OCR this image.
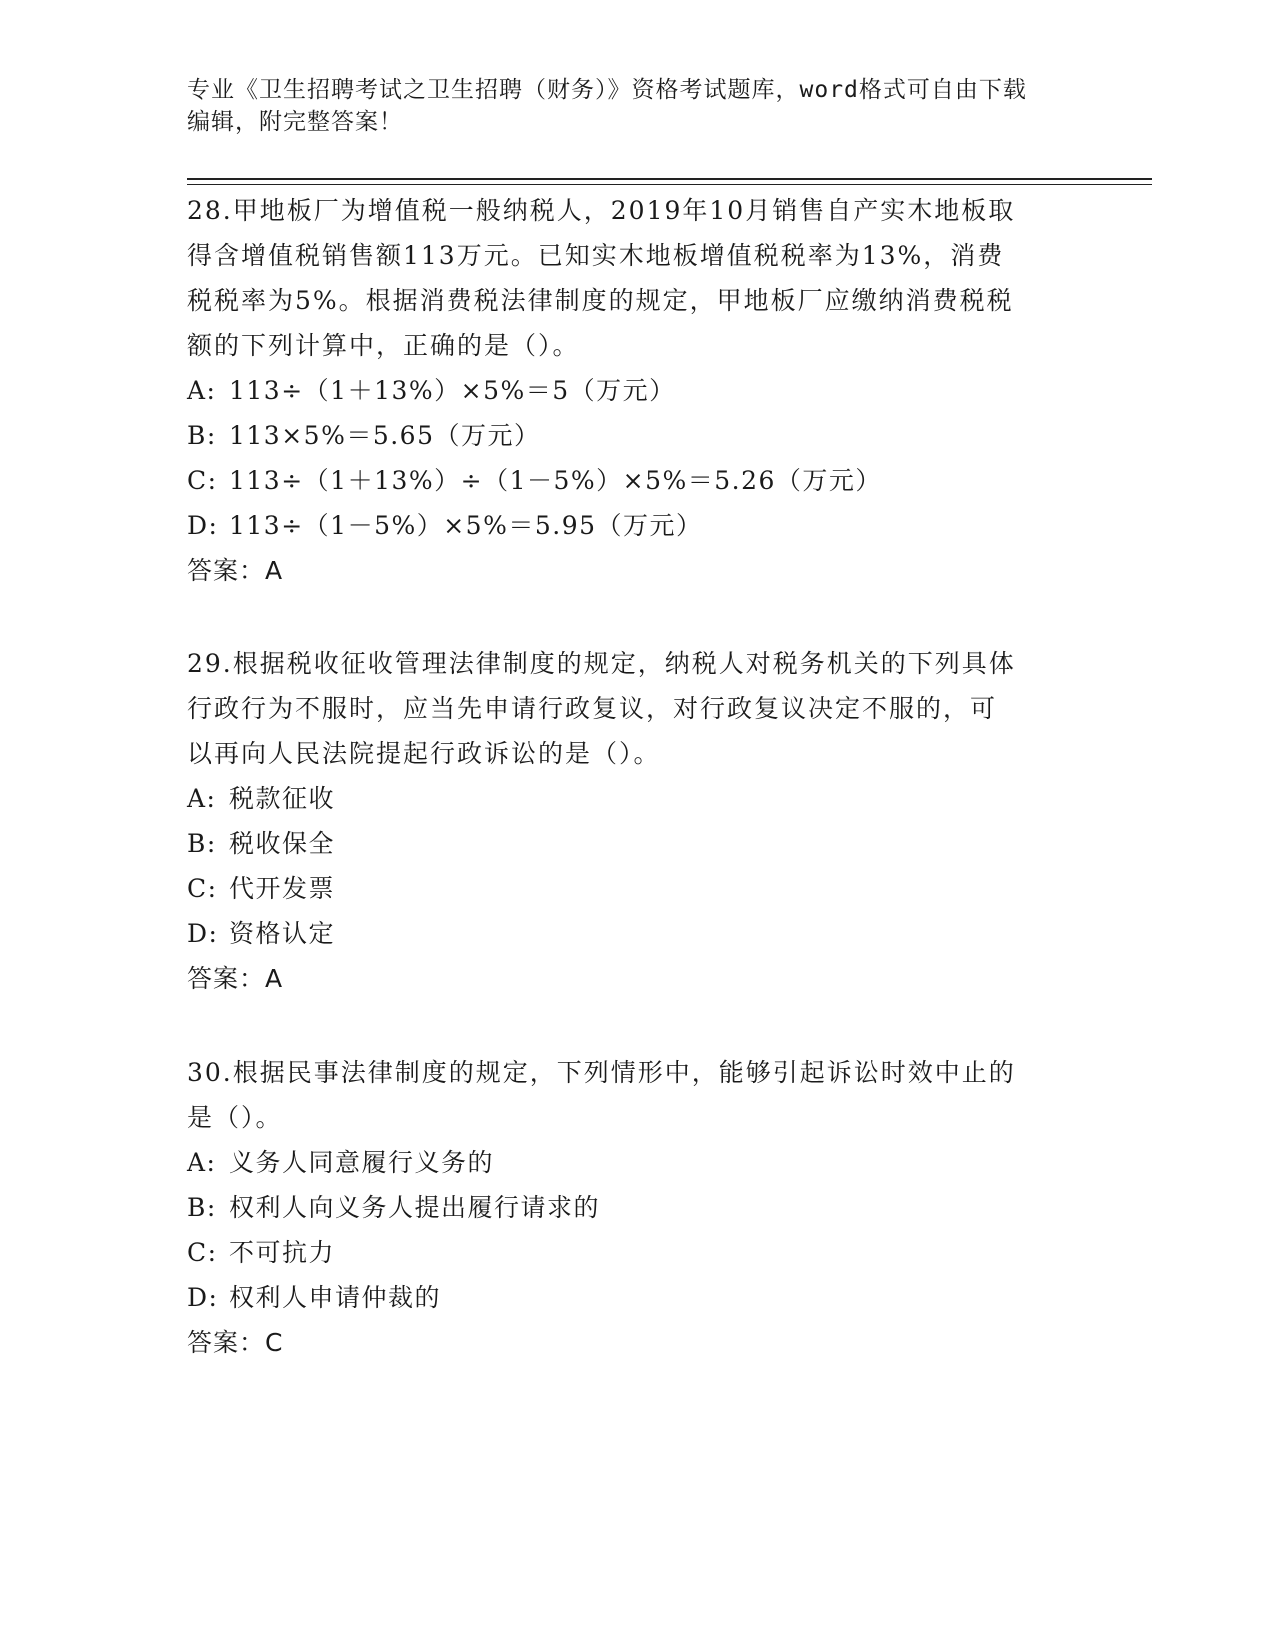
专业《卫生招聘考试之卫生招聘（财务）》资格考试题库，word格式可自由下载
编辑，附完整答案！
28.甲地板厂为增值税一般纳税人，2019年10月销售自产实木地板取
得含增值税销售额113万元。已知实木地板增值税税率为13%，消费
税税率为5%。根据消费税法律制度的规定，甲地板厂应缴纳消费税税
额的下列计算中，正确的是（）。
A: 113÷（1＋13%）×5%＝5（万元）
B: 113×5%＝5.65（万元）
C: 113÷（1＋13%）÷（1－5%）×5%＝5.26（万元）
D: 113÷（1－5%）×5%＝5.95（万元）
答案：A
29.根据税收征收管理法律制度的规定，纳税人对税务机关的下列具体
行政行为不服时，应当先申请行政复议，对行政复议决定不服的，可
以再向人民法院提起行政诉讼的是（）。
A: 税款征收
B: 税收保全
C: 代开发票
D: 资格认定
答案：A
30.根据民事法律制度的规定，下列情形中，能够引起诉讼时效中止的
是（）。
A: 义务人同意履行义务的
B: 权利人向义务人提出履行请求的
C: 不可抗力
D: 权利人申请仲裁的
答案：C
